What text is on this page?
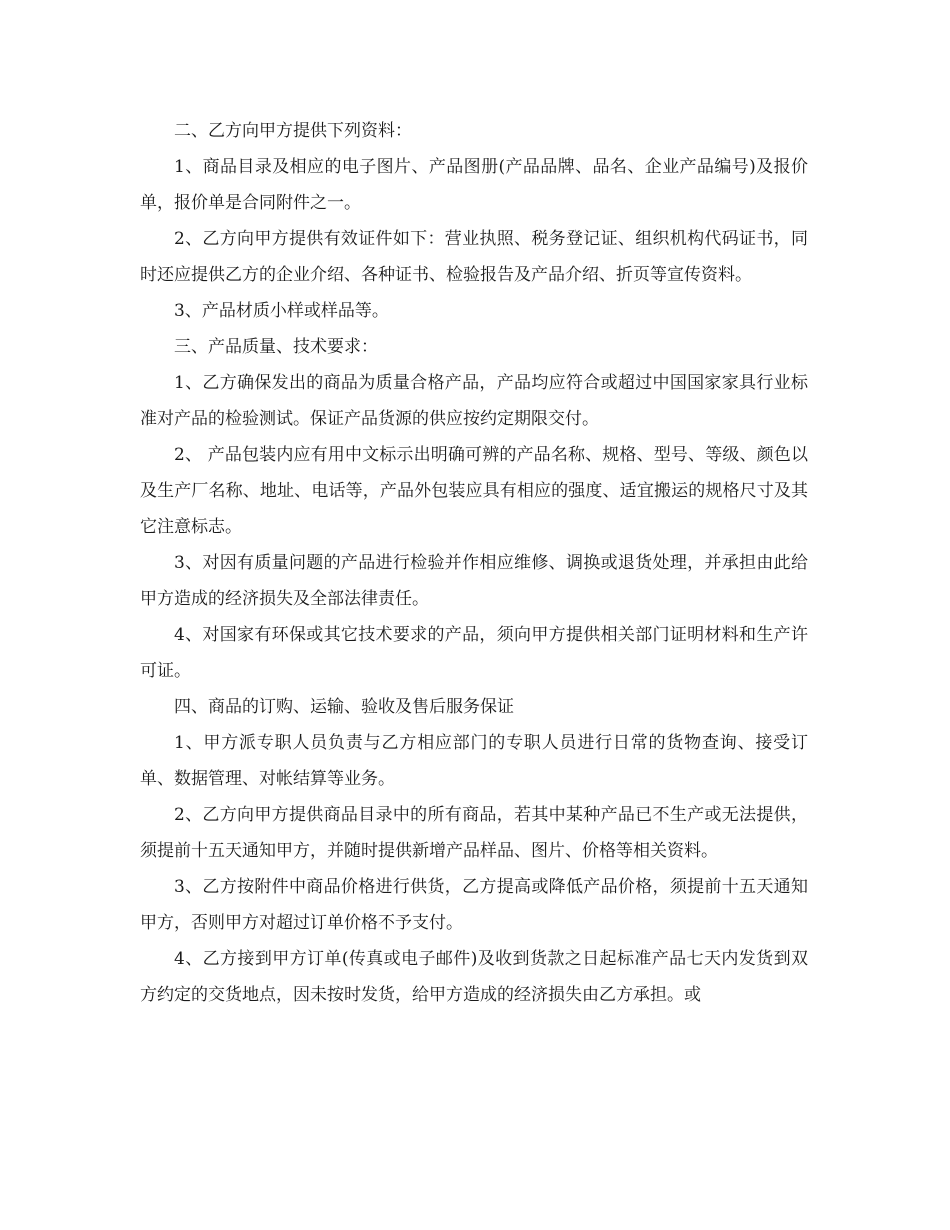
二、乙方向甲方提供下列资料：

1、商品目录及相应的电子图片、产品图册(产品品牌、品名、企业产品编号)及报价单，报价单是合同附件之一。

2、乙方向甲方提供有效证件如下：营业执照、税务登记证、组织机构代码证书，同时还应提供乙方的企业介绍、各种证书、检验报告及产品介绍、折页等宣传资料。

3、产品材质小样或样品等。

三、产品质量、技术要求：

1、乙方确保发出的商品为质量合格产品，产品均应符合或超过中国国家家具行业标准对产品的检验测试。保证产品货源的供应按约定期限交付。

2、 产品包装内应有用中文标示出明确可辨的产品名称、规格、型号、等级、颜色以及生产厂名称、地址、电话等，产品外包装应具有相应的强度、适宜搬运的规格尺寸及其它注意标志。

3、对因有质量问题的产品进行检验并作相应维修、调换或退货处理，并承担由此给甲方造成的经济损失及全部法律责任。

4、对国家有环保或其它技术要求的产品，须向甲方提供相关部门证明材料和生产许可证。

四、商品的订购、运输、验收及售后服务保证

1、甲方派专职人员负责与乙方相应部门的专职人员进行日常的货物查询、接受订单、数据管理、对帐结算等业务。

2、乙方向甲方提供商品目录中的所有商品，若其中某种产品已不生产或无法提供，须提前十五天通知甲方，并随时提供新增产品样品、图片、价格等相关资料。

3、乙方按附件中商品价格进行供货，乙方提高或降低产品价格，须提前十五天通知甲方，否则甲方对超过订单价格不予支付。

4、乙方接到甲方订单(传真或电子邮件)及收到货款之日起标准产品七天内发货到双方约定的交货地点，因未按时发货，给甲方造成的经济损失由乙方承担。或
